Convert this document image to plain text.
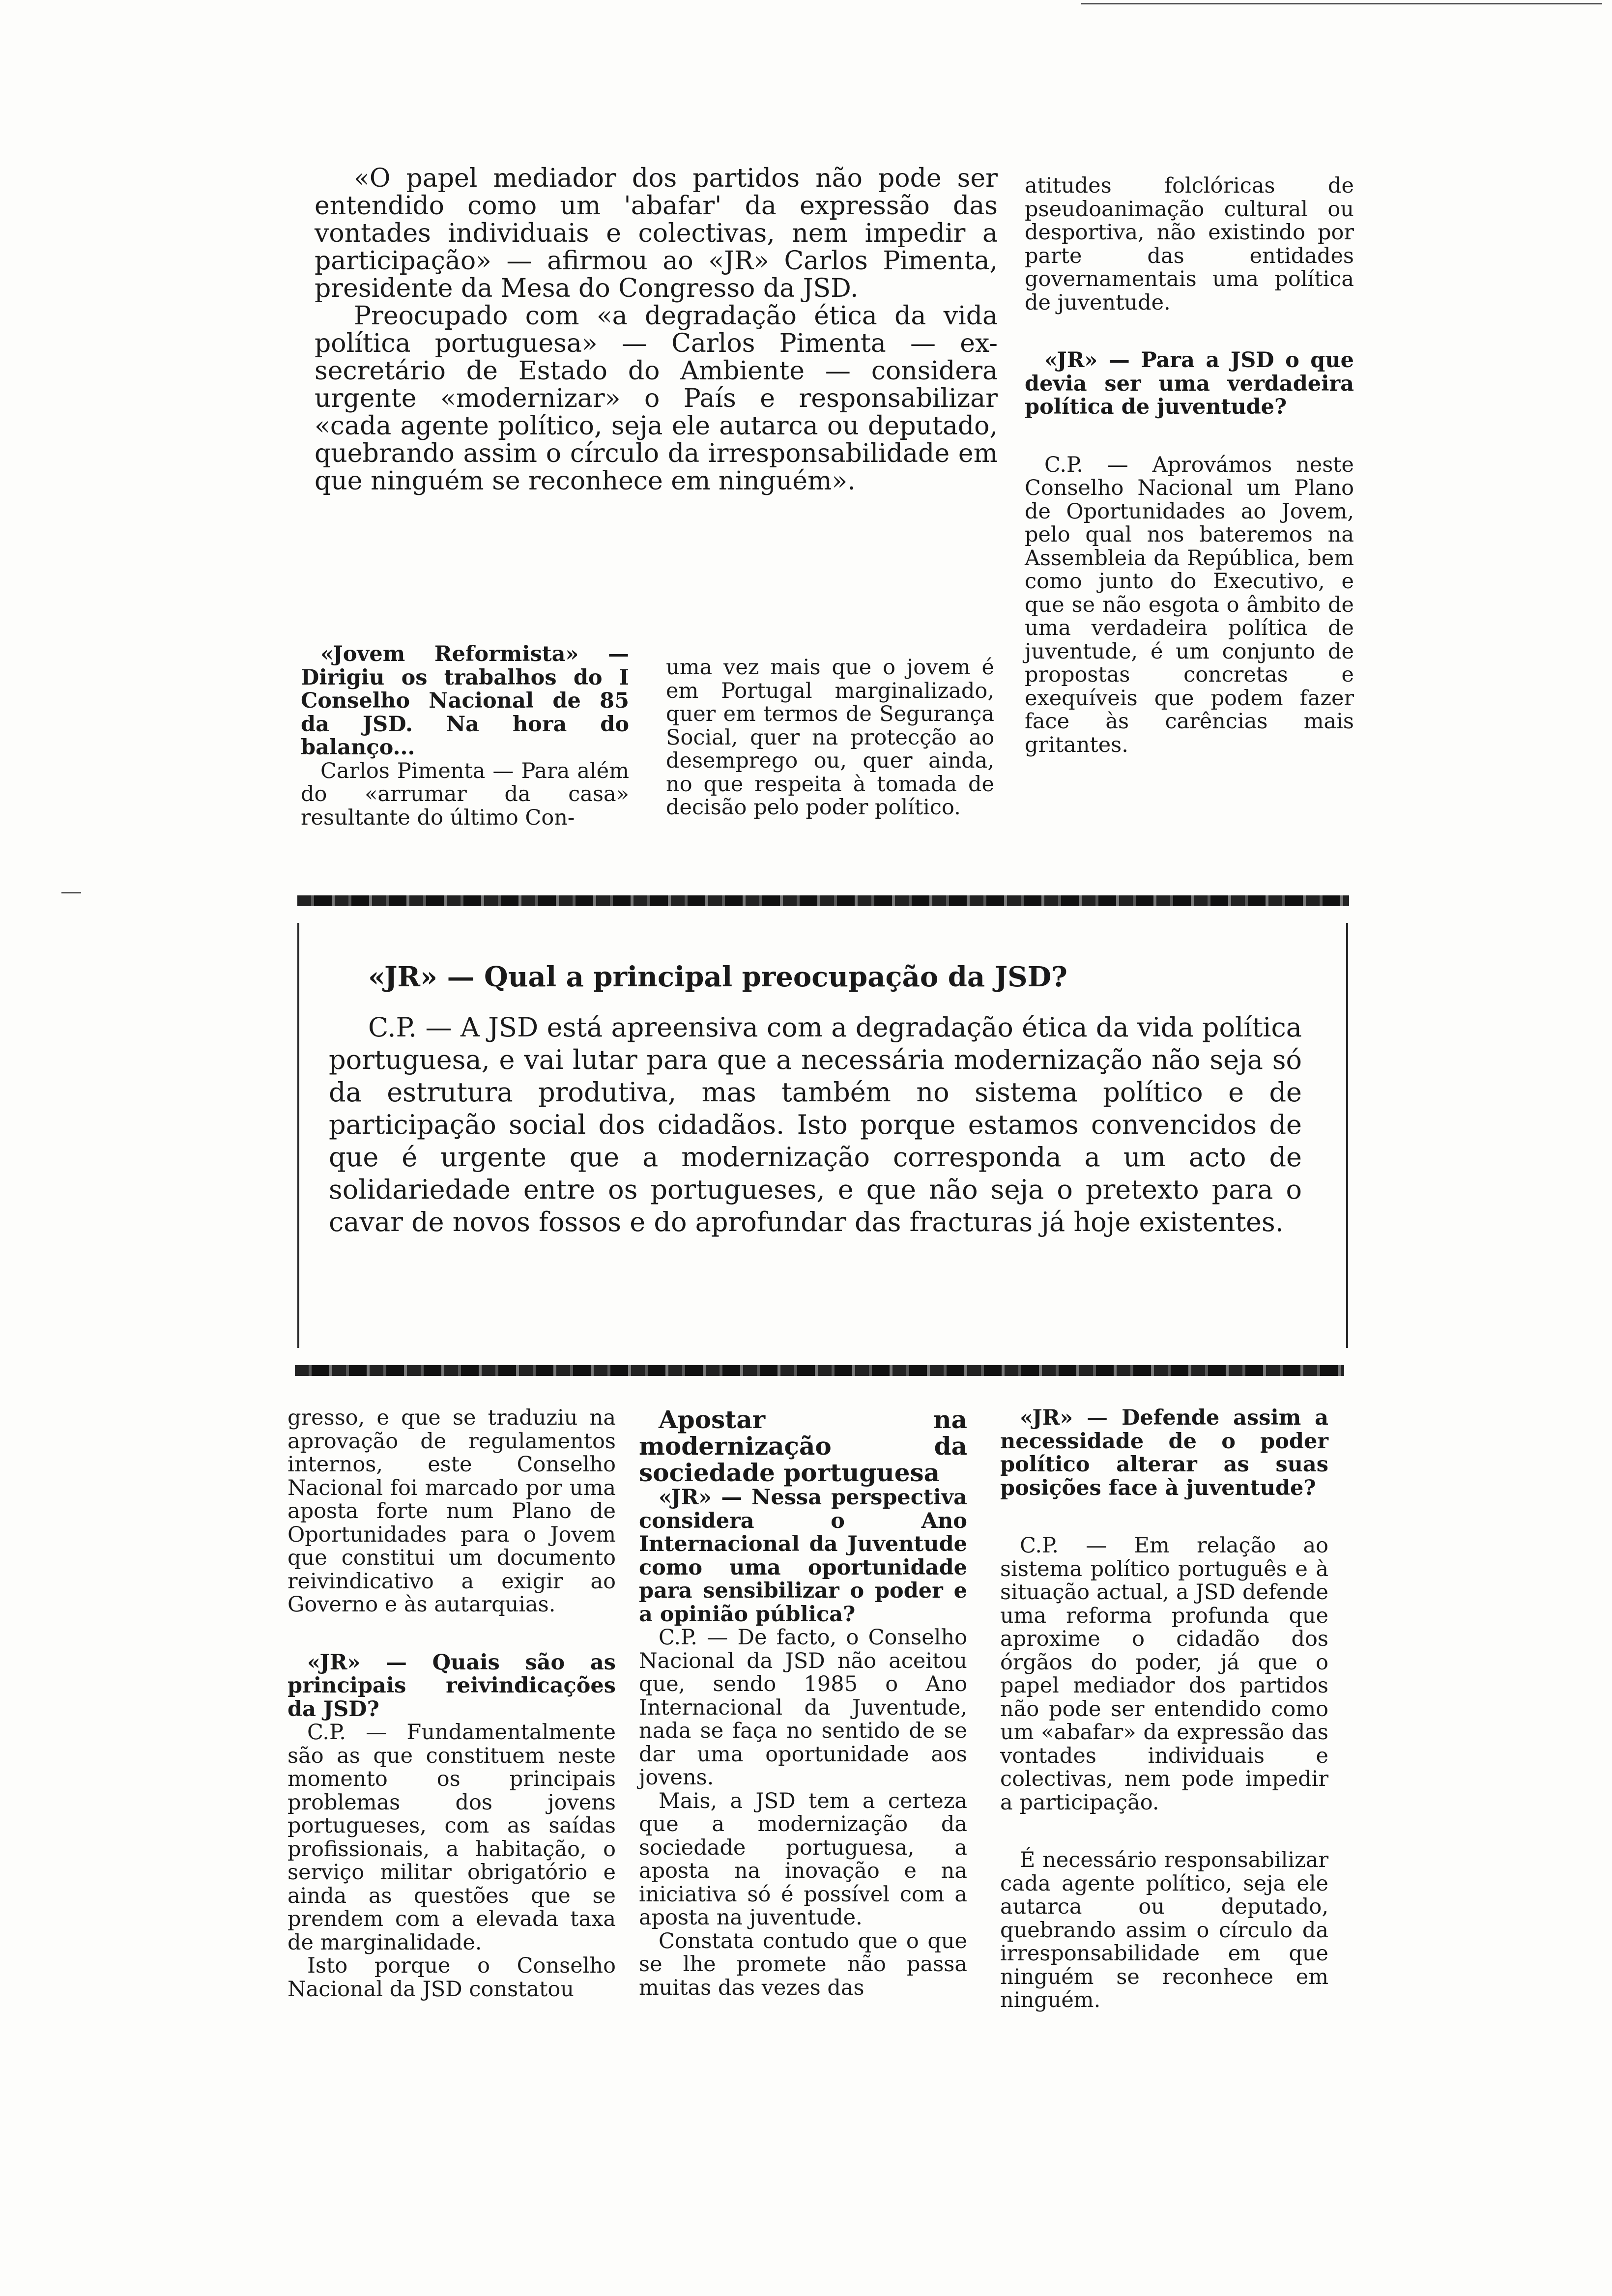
«O papel mediador dos partidos não pode ser entendido como um 'abafar' da expressão das vontades individuais e colectivas, nem impedir a participação» — afirmou ao «JR» Carlos Pimenta, presidente da Mesa do Congresso da JSD.

Preocupado com «a degradação ética da vida política portuguesa» — Carlos Pimenta — ex-secretário de Estado do Ambiente — considera urgente «modernizar» o País e responsabilizar «cada agente político, seja ele autarca ou deputado, quebrando assim o círculo da irresponsabilidade em que ninguém se reconhece em ninguém».

«Jovem Reformista» — Dirigiu os trabalhos do I Conselho Nacional de 85 da JSD. Na hora do balanço...

Carlos Pimenta — Para além do «arrumar da casa» resultante do último Con-

uma vez mais que o jovem é em Portugal marginalizado, quer em termos de Segurança Social, quer na protecção ao desemprego ou, quer ainda, no que respeita à tomada de decisão pelo poder político.

atitudes folclóricas de pseudoanimação cultural ou desportiva, não existindo por parte das entidades governamentais uma política de juventude.

«JR» — Para a JSD o que devia ser uma verdadeira política de juventude?

C.P. — Aprovámos neste Conselho Nacional um Plano de Oportunidades ao Jovem, pelo qual nos bateremos na Assembleia da República, bem como junto do Executivo, e que se não esgota o âmbito de uma verdadeira política de juventude, é um conjunto de propostas concretas e exequíveis que podem fazer face às carências mais gritantes.

«JR» — Qual a principal preocupação da JSD?

C.P. — A JSD está apreensiva com a degradação ética da vida política portuguesa, e vai lutar para que a necessária modernização não seja só da estrutura produtiva, mas também no sistema político e de participação social dos cidadãos. Isto porque estamos convencidos de que é urgente que a modernização corresponda a um acto de solidariedade entre os portugueses, e que não seja o pretexto para o cavar de novos fossos e do aprofundar das fracturas já hoje existentes.

gresso, e que se traduziu na aprovação de regulamentos internos, este Conselho Nacional foi marcado por uma aposta forte num Plano de Oportunidades para o Jovem que constitui um documento reivindicativo a exigir ao Governo e às autarquias.

«JR» — Quais são as principais reivindicações da JSD?

C.P. — Fundamentalmente são as que constituem neste momento os principais problemas dos jovens portugueses, com as saídas profissionais, a habitação, o serviço militar obrigatório e ainda as questões que se prendem com a elevada taxa de marginalidade.

Isto porque o Conselho Nacional da JSD constatou

Apostar na modernização da sociedade portuguesa

«JR» — Nessa perspectiva considera o Ano Internacional da Juventude como uma oportunidade para sensibilizar o poder e a opinião pública?

C.P. — De facto, o Conselho Nacional da JSD não aceitou que, sendo 1985 o Ano Internacional da Juventude, nada se faça no sentido de se dar uma oportunidade aos jovens.

Mais, a JSD tem a certeza que a modernização da sociedade portuguesa, a aposta na inovação e na iniciativa só é possível com a aposta na juventude.

Constata contudo que o que se lhe promete não passa muitas das vezes das

«JR» — Defende assim a necessidade de o poder político alterar as suas posições face à juventude?

C.P. — Em relação ao sistema político português e à situação actual, a JSD defende uma reforma profunda que aproxime o cidadão dos órgãos do poder, já que o papel mediador dos partidos não pode ser entendido como um «abafar» da expressão das vontades individuais e colectivas, nem pode impedir a participação.

É necessário responsabilizar cada agente político, seja ele autarca ou deputado, quebrando assim o círculo da irresponsabilidade em que ninguém se reconhece em ninguém.
